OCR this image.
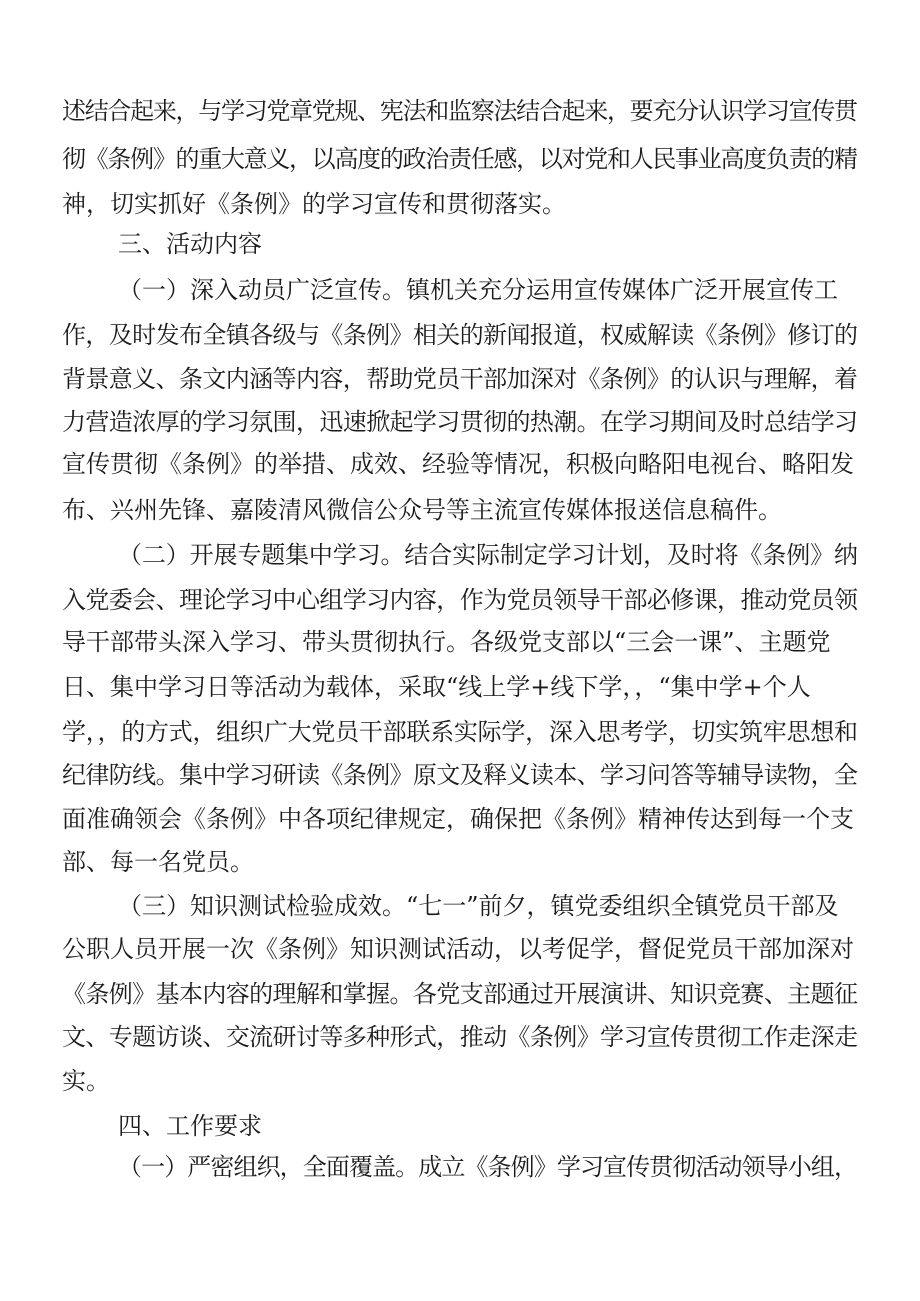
述结合起来，与学习党章党规、宪法和监察法结合起来，要充分认识学习宣传贯
彻《条例》的重大意义，以高度的政治责任感，以对党和人民事业高度负责的精
神，切实抓好《条例》的学习宣传和贯彻落实。
三、活动内容
（一）深入动员广泛宣传。镇机关充分运用宣传媒体广泛开展宣传工
作，及时发布全镇各级与《条例》相关的新闻报道，权威解读《条例》修订的
背景意义、条文内涵等内容，帮助党员干部加深对《条例》的认识与理解，着
力营造浓厚的学习氛围，迅速掀起学习贯彻的热潮。在学习期间及时总结学习
宣传贯彻《条例》的举措、成效、经验等情况，积极向略阳电视台、略阳发
布、兴州先锋、嘉陵清风微信公众号等主流宣传媒体报送信息稿件。
（二）开展专题集中学习。结合实际制定学习计划，及时将《条例》纳
入党委会、理论学习中心组学习内容，作为党员领导干部必修课，推动党员领
导干部带头深入学习、带头贯彻执行。各级党支部以“三会一课”、主题党
日、集中学习日等活动为载体，采取“线上学+线下学，，“集中学+个人
学，，的方式，组织广大党员干部联系实际学，深入思考学，切实筑牢思想和
纪律防线。集中学习研读《条例》原文及释义读本、学习问答等辅导读物，全
面准确领会《条例》中各项纪律规定，确保把《条例》精神传达到每一个支
部、每一名党员。
（三）知识测试检验成效。“七一”前夕，镇党委组织全镇党员干部及
公职人员开展一次《条例》知识测试活动，以考促学，督促党员干部加深对
《条例》基本内容的理解和掌握。各党支部通过开展演讲、知识竞赛、主题征
文、专题访谈、交流研讨等多种形式，推动《条例》学习宣传贯彻工作走深走
实。
四、工作要求
（一）严密组织，全面覆盖。成立《条例》学习宣传贯彻活动领导小组，
